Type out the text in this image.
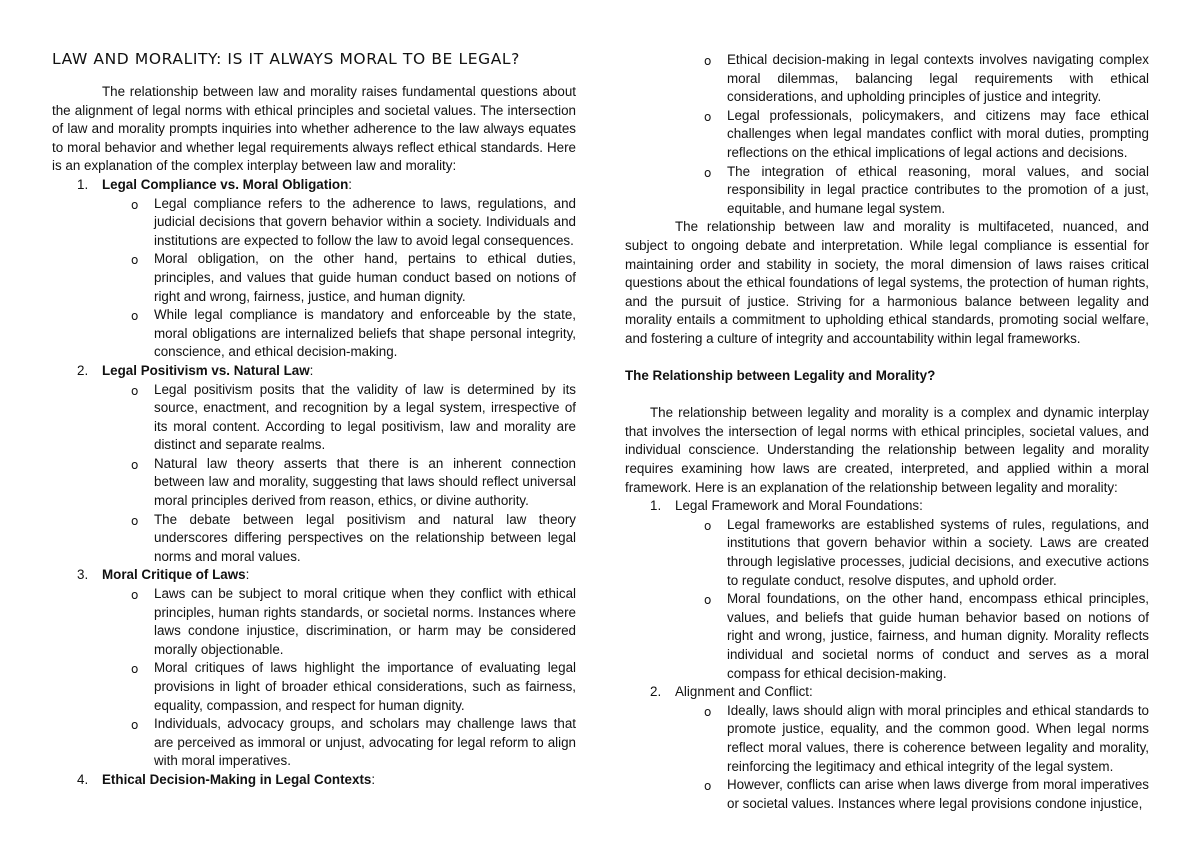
LAW AND MORALITY: IS IT ALWAYS MORAL TO BE LEGAL?

The relationship between law and morality raises fundamental questions about the alignment of legal norms with ethical principles and societal values. The intersection of law and morality prompts inquiries into whether adherence to the law always equates to moral behavior and whether legal requirements always reflect ethical standards. Here is an explanation of the complex interplay between law and morality:

1. Legal Compliance vs. Moral Obligation:
o Legal compliance refers to the adherence to laws, regulations, and judicial decisions that govern behavior within a society. Individuals and institutions are expected to follow the law to avoid legal consequences.
o Moral obligation, on the other hand, pertains to ethical duties, principles, and values that guide human conduct based on notions of right and wrong, fairness, justice, and human dignity.
o While legal compliance is mandatory and enforceable by the state, moral obligations are internalized beliefs that shape personal integrity, conscience, and ethical decision-making.
2. Legal Positivism vs. Natural Law:
o Legal positivism posits that the validity of law is determined by its source, enactment, and recognition by a legal system, irrespective of its moral content. According to legal positivism, law and morality are distinct and separate realms.
o Natural law theory asserts that there is an inherent connection between law and morality, suggesting that laws should reflect universal moral principles derived from reason, ethics, or divine authority.
o The debate between legal positivism and natural law theory underscores differing perspectives on the relationship between legal norms and moral values.
3. Moral Critique of Laws:
o Laws can be subject to moral critique when they conflict with ethical principles, human rights standards, or societal norms. Instances where laws condone injustice, discrimination, or harm may be considered morally objectionable.
o Moral critiques of laws highlight the importance of evaluating legal provisions in light of broader ethical considerations, such as fairness, equality, compassion, and respect for human dignity.
o Individuals, advocacy groups, and scholars may challenge laws that are perceived as immoral or unjust, advocating for legal reform to align with moral imperatives.
4. Ethical Decision-Making in Legal Contexts:
o Ethical decision-making in legal contexts involves navigating complex moral dilemmas, balancing legal requirements with ethical considerations, and upholding principles of justice and integrity.
o Legal professionals, policymakers, and citizens may face ethical challenges when legal mandates conflict with moral duties, prompting reflections on the ethical implications of legal actions and decisions.
o The integration of ethical reasoning, moral values, and social responsibility in legal practice contributes to the promotion of a just, equitable, and humane legal system.

The relationship between law and morality is multifaceted, nuanced, and subject to ongoing debate and interpretation. While legal compliance is essential for maintaining order and stability in society, the moral dimension of laws raises critical questions about the ethical foundations of legal systems, the protection of human rights, and the pursuit of justice. Striving for a harmonious balance between legality and morality entails a commitment to upholding ethical standards, promoting social welfare, and fostering a culture of integrity and accountability within legal frameworks.

The Relationship between Legality and Morality?

The relationship between legality and morality is a complex and dynamic interplay that involves the intersection of legal norms with ethical principles, societal values, and individual conscience. Understanding the relationship between legality and morality requires examining how laws are created, interpreted, and applied within a moral framework. Here is an explanation of the relationship between legality and morality:

1. Legal Framework and Moral Foundations:
o Legal frameworks are established systems of rules, regulations, and institutions that govern behavior within a society. Laws are created through legislative processes, judicial decisions, and executive actions to regulate conduct, resolve disputes, and uphold order.
o Moral foundations, on the other hand, encompass ethical principles, values, and beliefs that guide human behavior based on notions of right and wrong, justice, fairness, and human dignity. Morality reflects individual and societal norms of conduct and serves as a moral compass for ethical decision-making.
2. Alignment and Conflict:
o Ideally, laws should align with moral principles and ethical standards to promote justice, equality, and the common good. When legal norms reflect moral values, there is coherence between legality and morality, reinforcing the legitimacy and ethical integrity of the legal system.
o However, conflicts can arise when laws diverge from moral imperatives or societal values. Instances where legal provisions condone injustice,
